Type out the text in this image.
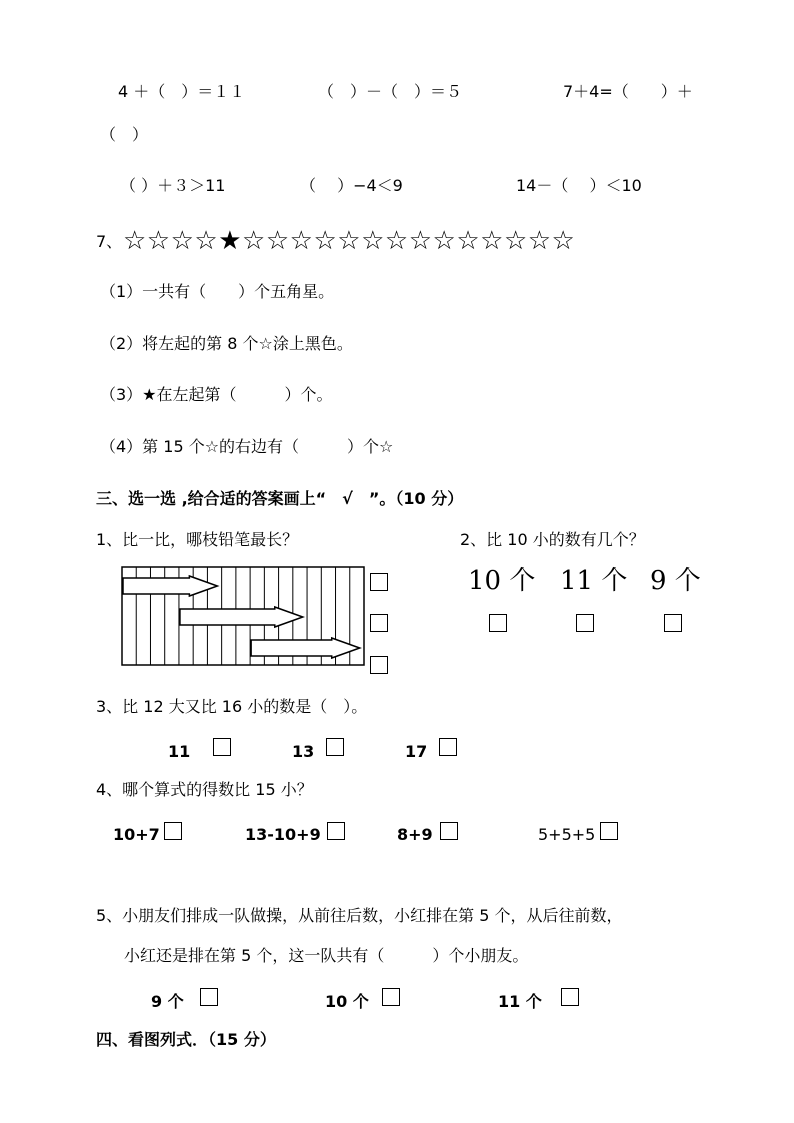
4 ＋（　）＝１１	（　）－（　）＝５	7＋4=（　　）＋
（　）
（ ）＋３＞11	（　 ）−4＜9	14－（　 ）＜10
7、 ☆☆☆☆★☆☆☆☆☆☆☆☆☆☆☆☆☆☆
（1）一共有（　　）个五角星。
（2）将左起的第 8 个☆涂上黑色。
（3）★在左起第（　　　）个。
（4）第 15 个☆的右边有（　　　）个☆
三、选一选 ,给合适的答案画上“　√　”。（10 分）
1、比一比，哪枝铅笔最长？	2、比 10 小的数有几个？
10 个 11 个 9 个
3、比 12 大又比 16 小的数是（　）。
11	13	17
4、哪个算式的得数比 15 小？
10+7	13-10+9	8+9	5+5+5
5、小朋友们排成一队做操，从前往后数，小红排在第 5 个，从后往前数，
小红还是排在第 5 个，这一队共有（　　　）个小朋友。
9 个	10 个	11 个
四、看图列式．（15 分）
